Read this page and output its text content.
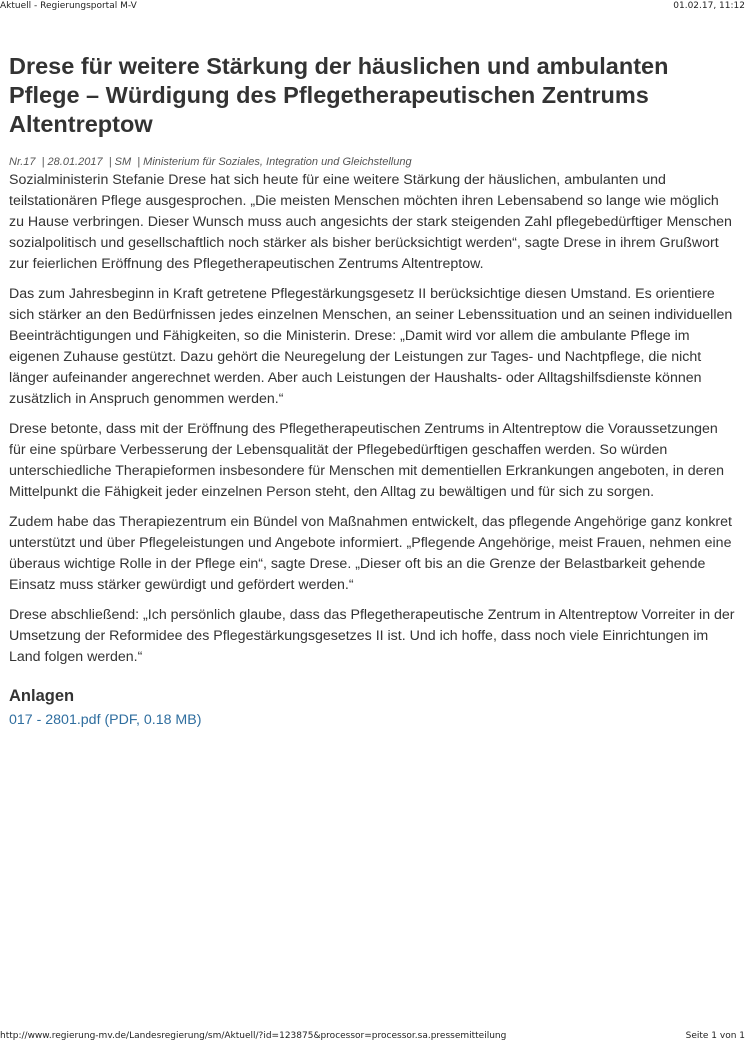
Aktuell - Regierungsportal M-V	01.02.17, 11:12
Drese für weitere Stärkung der häuslichen und ambulanten Pflege – Würdigung des Pflegetherapeutischen Zentrums Altentreptow
Nr.17  | 28.01.2017  | SM  | Ministerium für Soziales, Integration und Gleichstellung

Sozialministerin Stefanie Drese hat sich heute für eine weitere Stärkung der häuslichen, ambulanten und teilstationären Pflege ausgesprochen. „Die meisten Menschen möchten ihren Lebensabend so lange wie möglich zu Hause verbringen. Dieser Wunsch muss auch angesichts der stark steigenden Zahl pflegebedürftiger Menschen sozialpolitisch und gesellschaftlich noch stärker als bisher berücksichtigt werden“, sagte Drese in ihrem Grußwort zur feierlichen Eröffnung des Pflegetherapeutischen Zentrums Altentreptow.

Das zum Jahresbeginn in Kraft getretene Pflegestärkungsgesetz II berücksichtige diesen Umstand. Es orientiere sich stärker an den Bedürfnissen jedes einzelnen Menschen, an seiner Lebenssituation und an seinen individuellen Beeinträchtigungen und Fähigkeiten, so die Ministerin. Drese: „Damit wird vor allem die ambulante Pflege im eigenen Zuhause gestützt. Dazu gehört die Neuregelung der Leistungen zur Tages- und Nachtpflege, die nicht länger aufeinander angerechnet werden. Aber auch Leistungen der Haushalts- oder Alltagshilfsdienste können zusätzlich in Anspruch genommen werden.“

Drese betonte, dass mit der Eröffnung des Pflegetherapeutischen Zentrums in Altentreptow die Voraussetzungen für eine spürbare Verbesserung der Lebensqualität der Pflegebedürftigen geschaffen werden. So würden unterschiedliche Therapieformen insbesondere für Menschen mit dementiellen Erkrankungen angeboten, in deren Mittelpunkt die Fähigkeit jeder einzelnen Person steht, den Alltag zu bewältigen und für sich zu sorgen.

Zudem habe das Therapiezentrum ein Bündel von Maßnahmen entwickelt, das pflegende Angehörige ganz konkret unterstützt und über Pflegeleistungen und Angebote informiert. „Pflegende Angehörige, meist Frauen, nehmen eine überaus wichtige Rolle in der Pflege ein“, sagte Drese. „Dieser oft bis an die Grenze der Belastbarkeit gehende Einsatz muss stärker gewürdigt und gefördert werden.“

Drese abschließend: „Ich persönlich glaube, dass das Pflegetherapeutische Zentrum in Altentreptow Vorreiter in der Umsetzung der Reformidee des Pflegestärkungsgesetzes II ist. Und ich hoffe, dass noch viele Einrichtungen im Land folgen werden.“

Anlagen
017 - 2801.pdf (PDF, 0.18 MB)
http://www.regierung-mv.de/Landesregierung/sm/Aktuell/?id=123875&processor=processor.sa.pressemitteilung	Seite 1 von 1
